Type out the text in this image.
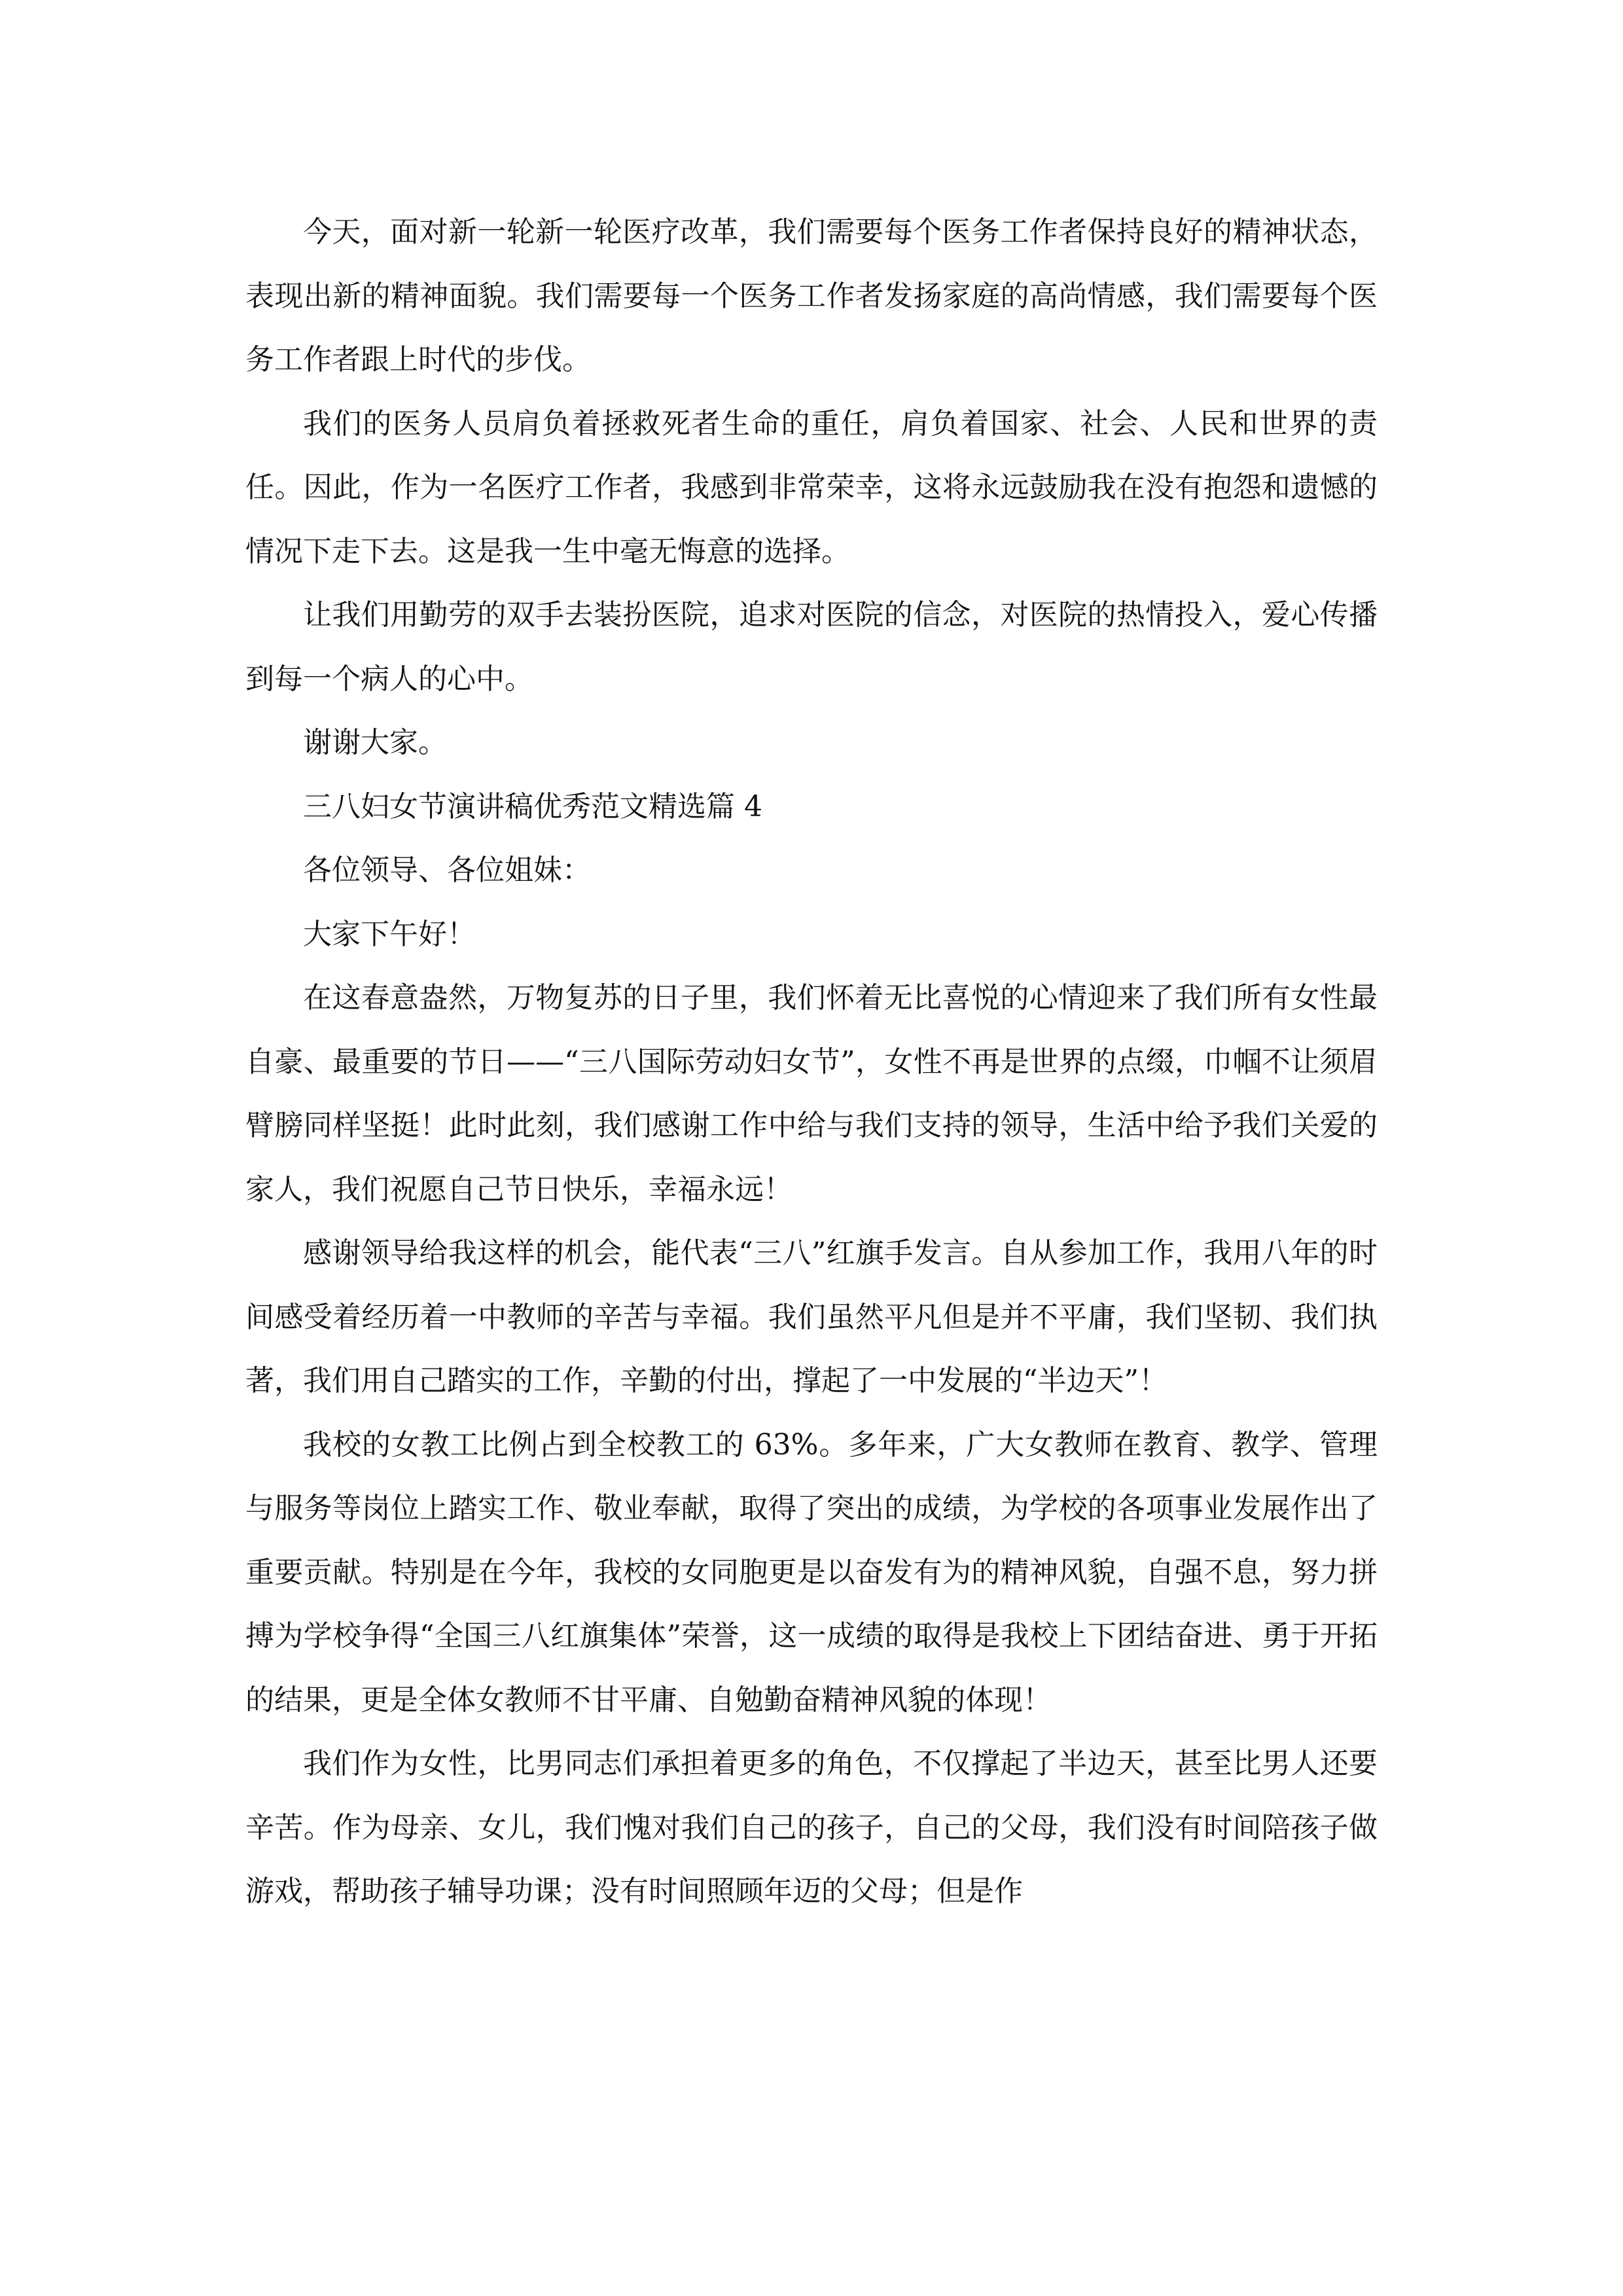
今天，面对新一轮新一轮医疗改革，我们需要每个医务工作者保持良好的精神状态，表现出新的精神面貌。我们需要每一个医务工作者发扬家庭的高尚情感，我们需要每个医务工作者跟上时代的步伐。

我们的医务人员肩负着拯救死者生命的重任，肩负着国家、社会、人民和世界的责任。因此，作为一名医疗工作者，我感到非常荣幸，这将永远鼓励我在没有抱怨和遗憾的情况下走下去。这是我一生中毫无悔意的选择。

让我们用勤劳的双手去装扮医院，追求对医院的信念，对医院的热情投入，爱心传播到每一个病人的心中。

谢谢大家。

三八妇女节演讲稿优秀范文精选篇 4

各位领导、各位姐妹：

大家下午好！

在这春意盎然，万物复苏的日子里，我们怀着无比喜悦的心情迎来了我们所有女性最自豪、最重要的节日——“三八国际劳动妇女节”，女性不再是世界的点缀，巾帼不让须眉臂膀同样坚挺！此时此刻，我们感谢工作中给与我们支持的领导，生活中给予我们关爱的家人，我们祝愿自己节日快乐，幸福永远！

感谢领导给我这样的机会，能代表“三八”红旗手发言。自从参加工作，我用八年的时间感受着经历着一中教师的辛苦与幸福。我们虽然平凡但是并不平庸，我们坚韧、我们执著，我们用自己踏实的工作，辛勤的付出，撑起了一中发展的“半边天”！

我校的女教工比例占到全校教工的 63%。多年来，广大女教师在教育、教学、管理与服务等岗位上踏实工作、敬业奉献，取得了突出的成绩，为学校的各项事业发展作出了重要贡献。特别是在今年，我校的女同胞更是以奋发有为的精神风貌，自强不息，努力拼搏为学校争得“全国三八红旗集体”荣誉，这一成绩的取得是我校上下团结奋进、勇于开拓的结果，更是全体女教师不甘平庸、自勉勤奋精神风貌的体现！

我们作为女性，比男同志们承担着更多的角色，不仅撑起了半边天，甚至比男人还要辛苦。作为母亲、女儿，我们愧对我们自己的孩子，自己的父母，我们没有时间陪孩子做游戏，帮助孩子辅导功课；没有时间照顾年迈的父母；但是作
